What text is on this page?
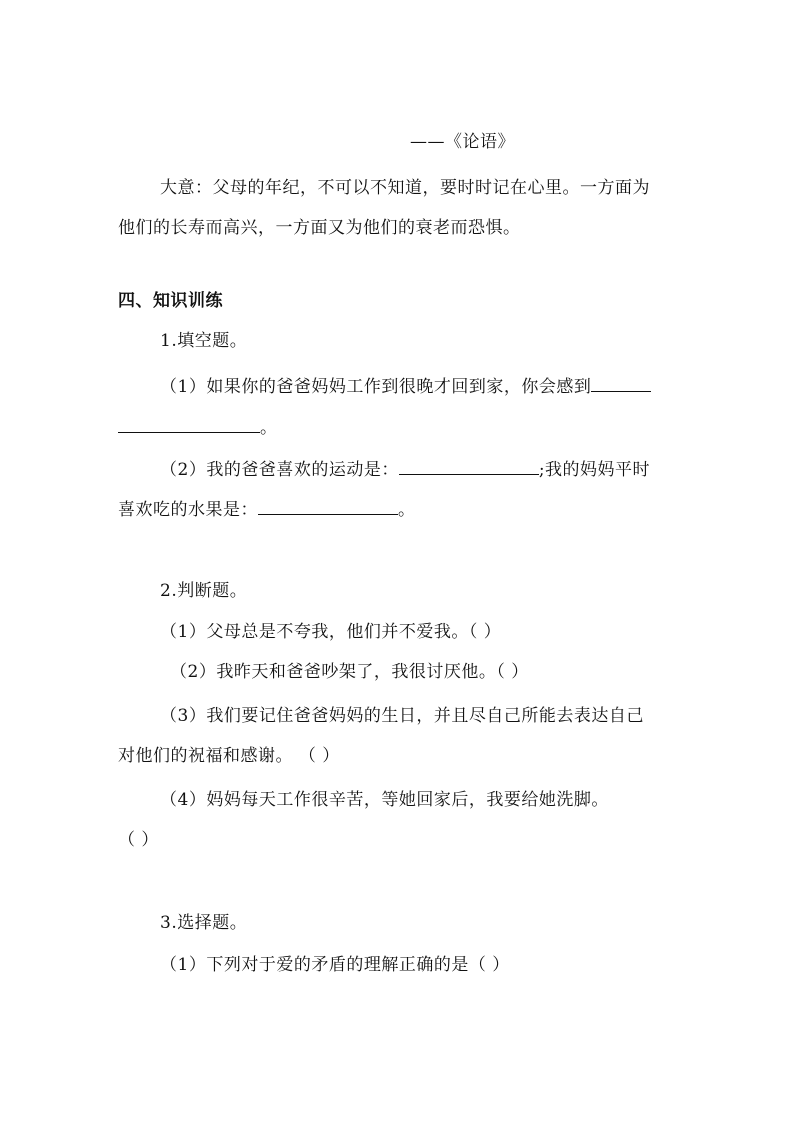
——《论语》
大意：父母的年纪，不可以不知道，要时时记在心里。一方面为
他们的长寿而高兴，一方面又为他们的衰老而恐惧。
四、知识训练
1.填空题。
（1）如果你的爸爸妈妈工作到很晚才回到家，你会感到
。
（2）我的爸爸喜欢的运动是：	;我的妈妈平时
喜欢吃的水果是：	。
2.判断题。
（1）父母总是不夸我，他们并不爱我。（ ）
（2）我昨天和爸爸吵架了，我很讨厌他。（ ）
（3）我们要记住爸爸妈妈的生日，并且尽自己所能去表达自己
对他们的祝福和感谢。 （ ）
（4）妈妈每天工作很辛苦，等她回家后，我要给她洗脚。
（ ）
3.选择题。
（1）下列对于爱的矛盾的理解正确的是（ ）
